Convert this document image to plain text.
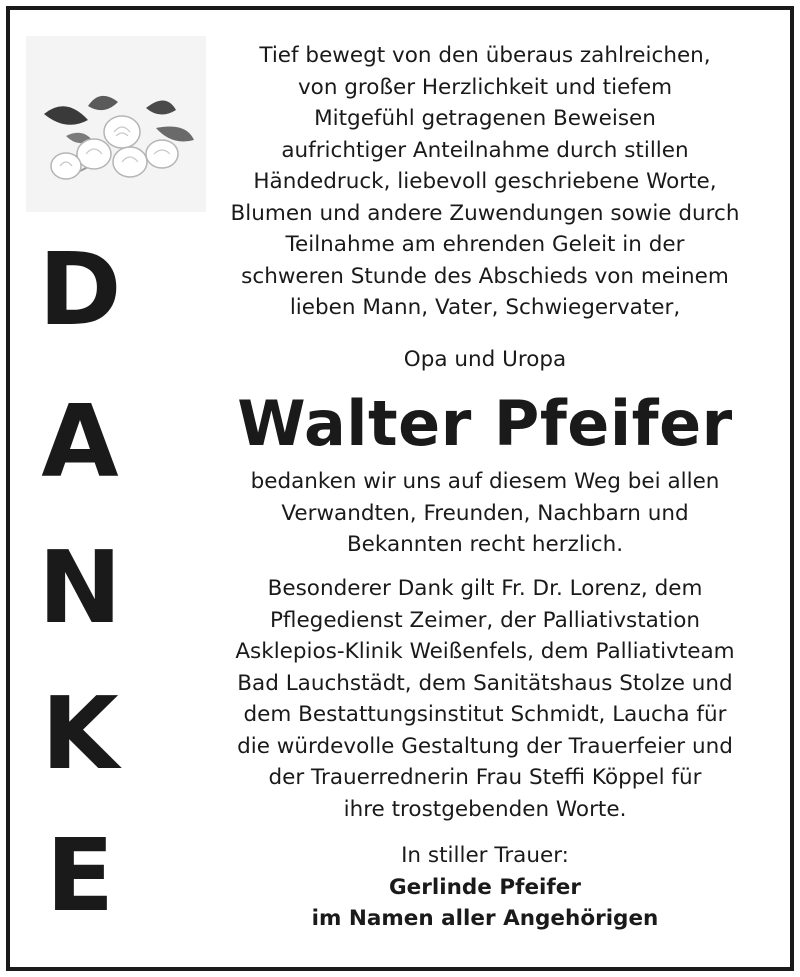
D
A
N
K
E
Tief bewegt von den überaus zahlreichen,
von großer Herzlichkeit und tiefem
Mitgefühl getragenen Beweisen
aufrichtiger Anteilnahme durch stillen
Händedruck, liebevoll geschriebene Worte,
Blumen und andere Zuwendungen sowie durch
Teilnahme am ehrenden Geleit in der
schweren Stunde des Abschieds von meinem
lieben Mann, Vater, Schwiegervater,
Opa und Uropa
Walter Pfeifer
bedanken wir uns auf diesem Weg bei allen
Verwandten, Freunden, Nachbarn und
Bekannten recht herzlich.
Besonderer Dank gilt Fr. Dr. Lorenz, dem
Pflegedienst Zeimer, der Palliativstation
Asklepios-Klinik Weißenfels, dem Palliativteam
Bad Lauchstädt, dem Sanitätshaus Stolze und
dem Bestattungsinstitut Schmidt, Laucha für
die würdevolle Gestaltung der Trauerfeier und
der Trauerrednerin Frau Steffi Köppel für
ihre trostgebenden Worte.
In stiller Trauer:
Gerlinde Pfeifer
im Namen aller Angehörigen
